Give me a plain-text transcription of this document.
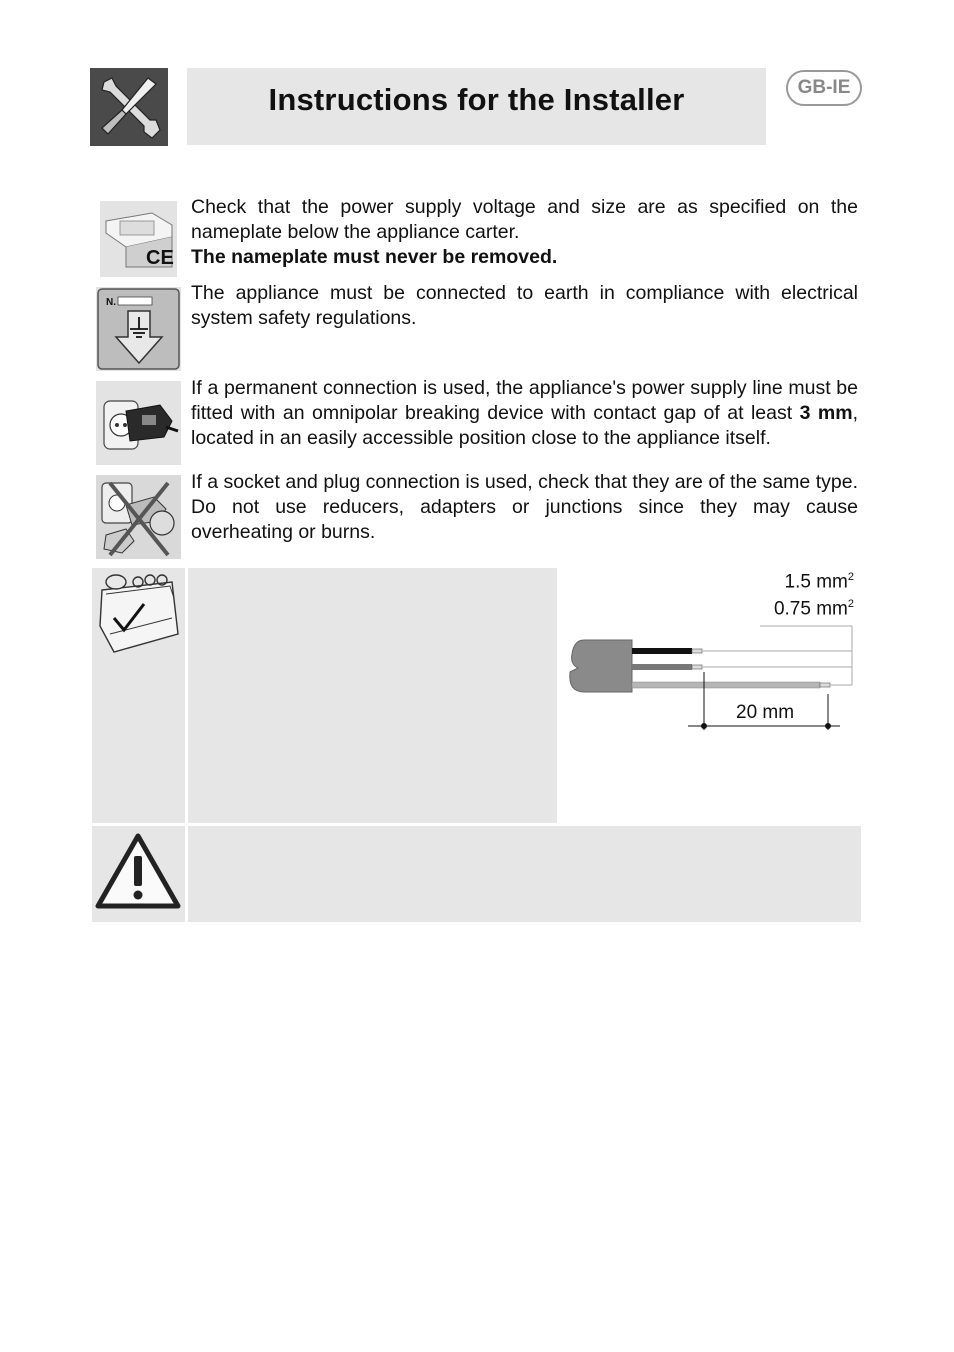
Instructions for the Installer	GB-IE
CE
Check that the power supply voltage and size are as specified on the nameplate below the appliance carter.
The nameplate must never be removed.
N.	The appliance must be connected to earth in compliance with electrical system safety regulations.
If a permanent connection is used, the appliance's power supply line must be fitted with an omnipolar breaking device with contact gap of at least 3 mm, located in an easily accessible position close to the appliance itself.
If a socket and plug connection is used, check that they are of the same type. Do not use reducers, adapters or junctions since they may cause overheating or burns.
1.5 $mm^2$
0.75 $mm^2$
20 mm
